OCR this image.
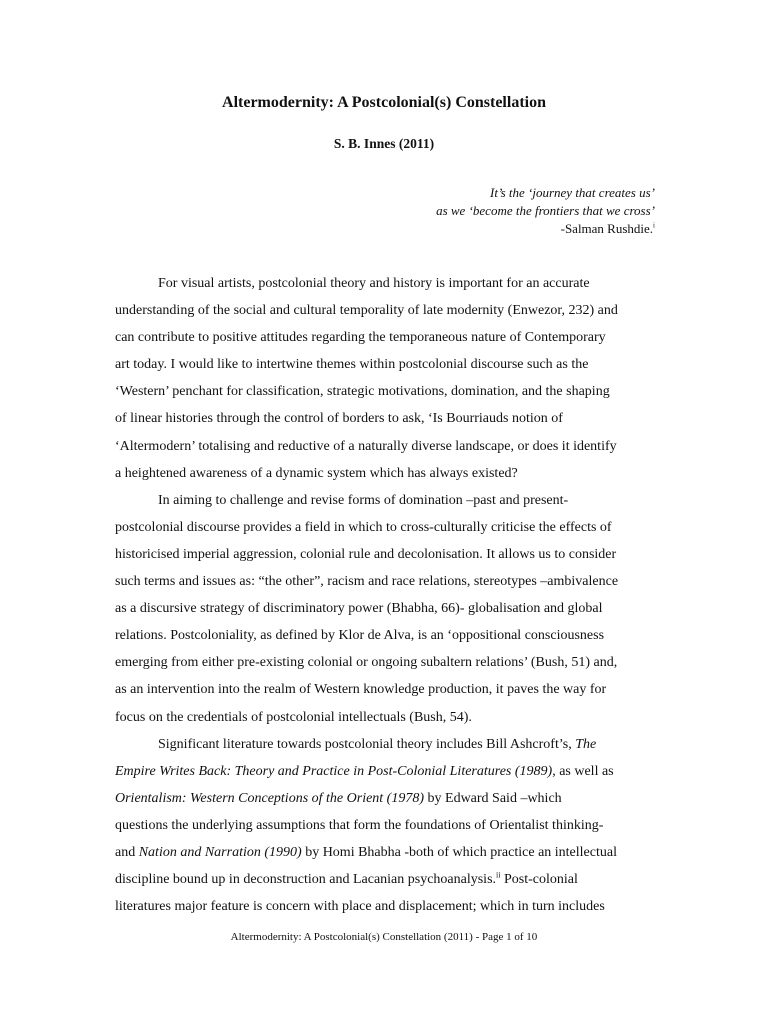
Altermodernity: A Postcolonial(s) Constellation
S. B. Innes (2011)
It’s the ‘journey that creates us’
as we ‘become the frontiers that we cross’
-Salman Rushdie.$^i$
For visual artists, postcolonial theory and history is important for an accurate
understanding of the social and cultural temporality of late modernity (Enwezor, 232) and
can contribute to positive attitudes regarding the temporaneous nature of Contemporary
art today. I would like to intertwine themes within postcolonial discourse such as the
‘Western’ penchant for classification, strategic motivations, domination, and the shaping
of linear histories through the control of borders to ask, ‘Is Bourriauds notion of
‘Altermodern’ totalising and reductive of a naturally diverse landscape, or does it identify
a heightened awareness of a dynamic system which has always existed?
In aiming to challenge and revise forms of domination –past and present-
postcolonial discourse provides a field in which to cross-culturally criticise the effects of
historicised imperial aggression, colonial rule and decolonisation. It allows us to consider
such terms and issues as: “the other”, racism and race relations, stereotypes –ambivalence
as a discursive strategy of discriminatory power (Bhabha, 66)- globalisation and global
relations. Postcoloniality, as defined by Klor de Alva, is an ‘oppositional consciousness
emerging from either pre-existing colonial or ongoing subaltern relations’ (Bush, 51) and,
as an intervention into the realm of Western knowledge production, it paves the way for
focus on the credentials of postcolonial intellectuals (Bush, 54).
Significant literature towards postcolonial theory includes Bill Ashcroft’s, The
Empire Writes Back: Theory and Practice in Post-Colonial Literatures (1989), as well as
Orientalism: Western Conceptions of the Orient (1978) by Edward Said –which
questions the underlying assumptions that form the foundations of Orientalist thinking-
and Nation and Narration (1990) by Homi Bhabha -both of which practice an intellectual
discipline bound up in deconstruction and Lacanian psychoanalysis.$^{ii}$ Post-colonial
literatures major feature is concern with place and displacement; which in turn includes
Altermodernity: A Postcolonial(s) Constellation (2011) - Page 1 of 10
